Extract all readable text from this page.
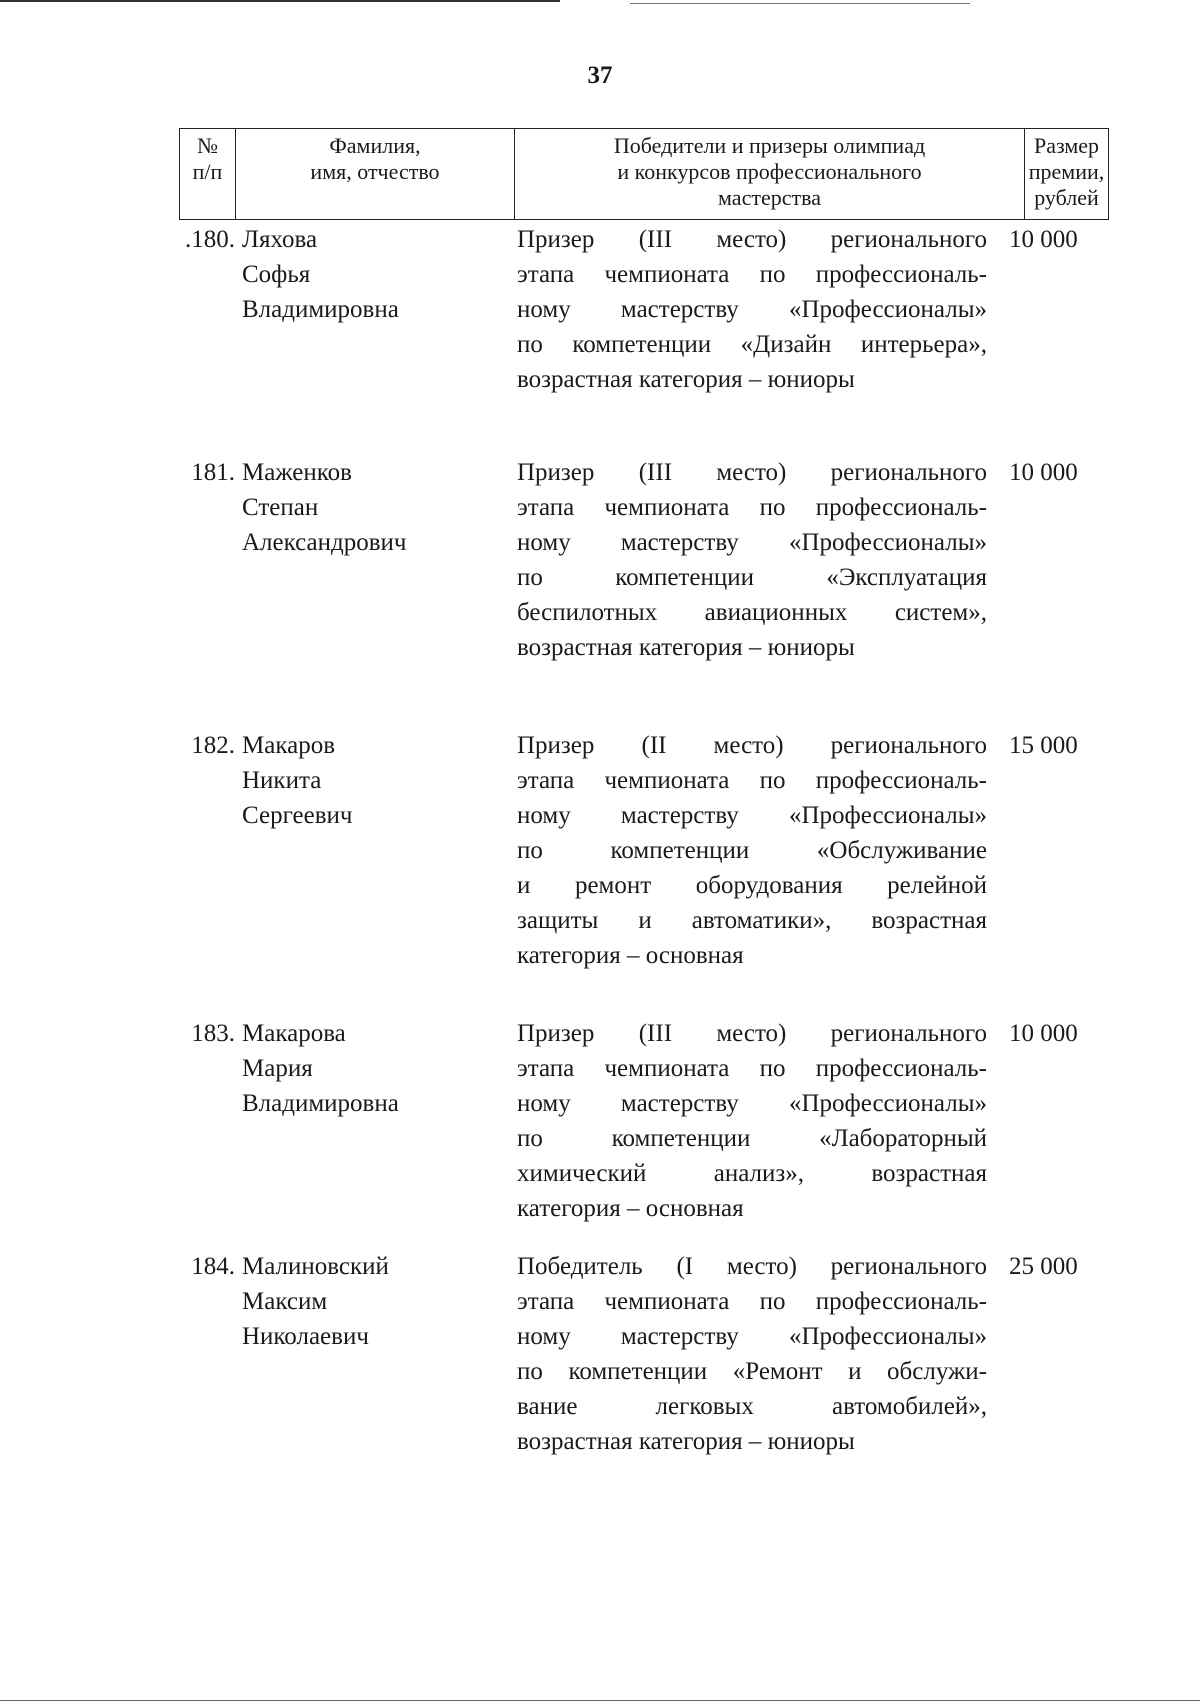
37
№
п/п
Фамилия,
имя, отчество
Победители и призеры олимпиад
и конкурсов профессионального
мастерства
Размер
премии,
рублей
.180. Ляхова
Софья
Владимировна
Призер (III место) регионального
этапа чемпионата по профессиональ-
ному мастерству «Профессионалы»
по компетенции «Дизайн интерьера»,
возрастная категория – юниоры
10 000
181. Маженков
Степан
Александрович
Призер (III место) регионального
этапа чемпионата по профессиональ-
ному мастерству «Профессионалы»
по компетенции «Эксплуатация
беспилотных авиационных систем»,
возрастная категория – юниоры
10 000
182. Макаров
Никита
Сергеевич
Призер (II место) регионального
этапа чемпионата по профессиональ-
ному мастерству «Профессионалы»
по компетенции «Обслуживание
и ремонт оборудования релейной
защиты и автоматики», возрастная
категория – основная
15 000
183. Макарова
Мария
Владимировна
Призер (III место) регионального
этапа чемпионата по профессиональ-
ному мастерству «Профессионалы»
по компетенции «Лабораторный
химический анализ», возрастная
категория – основная
10 000
184. Малиновский
Максим
Николаевич
Победитель (I место) регионального
этапа чемпионата по профессиональ-
ному мастерству «Профессионалы»
по компетенции «Ремонт и обслужи-
вание легковых автомобилей»,
возрастная категория – юниоры
25 000
